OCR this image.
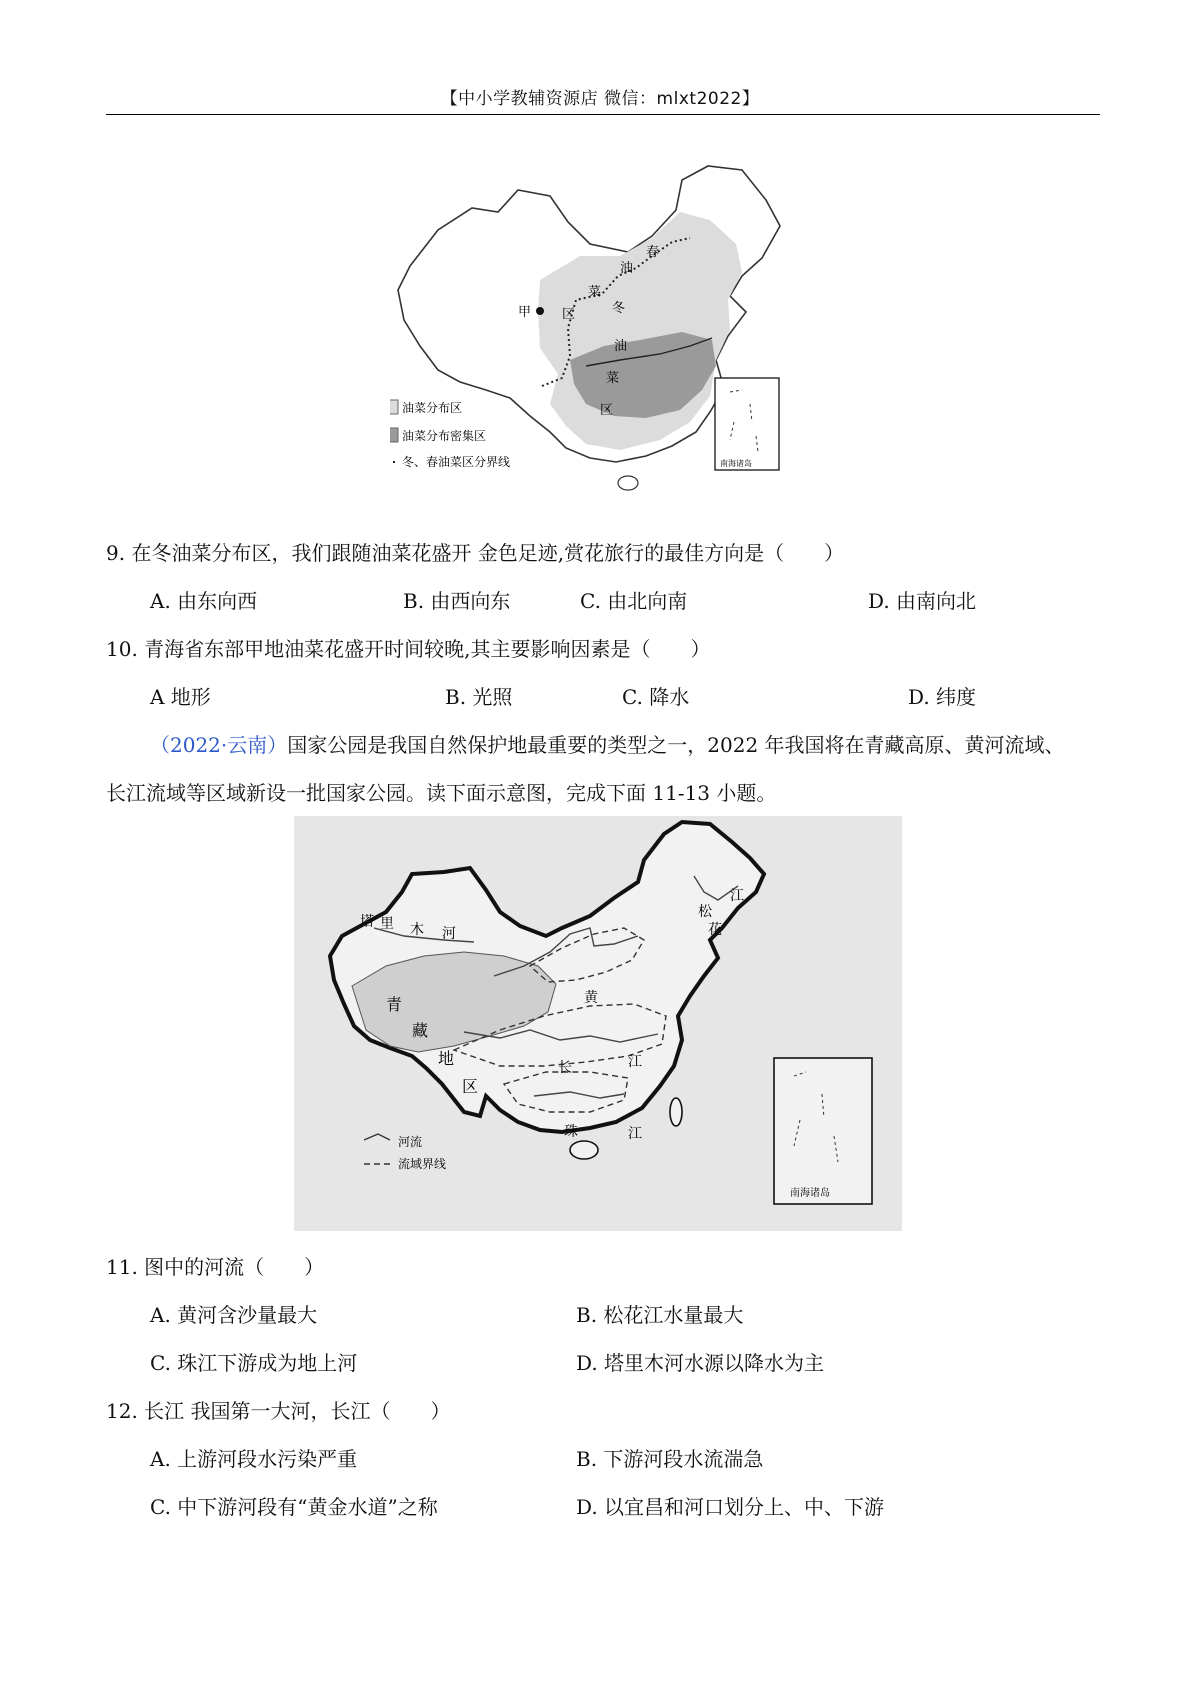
【中小学教辅资源店 微信：mlxt2022】
甲
春
油
菜
区	冬
油
菜
区
油菜分布区
油菜分布密集区
冬、春油菜区分界线	南海诸岛
9. 在冬油菜分布区，我们跟随油菜花盛开 金色足迹,赏花旅行的最佳方向是（　　）
A. 由东向西	B. 由西向东	C. 由北向南	D. 由南向北
10. 青海省东部甲地油菜花盛开时间较晚,其主要影响因素是（　　）
A 地形	B. 光照	C. 降水	D. 纬度
（2022·云南）国家公园是我国自然保护地最重要的类型之一，2022 年我国将在青藏高原、黄河流域、
长江流域等区域新设一批国家公园。读下面示意图，完成下面 11-13 小题。
松
花
江
塔 里 木 河
青
藏
地
区
黄
长	江
珠	江
河流
流域界线
南海诸岛
11. 图中的河流（　　）
A. 黄河含沙量最大	B. 松花江水量最大
C. 珠江下游成为地上河	D. 塔里木河水源以降水为主
12. 长江 我国第一大河，长江（　　）
A. 上游河段水污染严重	B. 下游河段水流湍急
C. 中下游河段有“黄金水道”之称	D. 以宜昌和河口划分上、中、下游
